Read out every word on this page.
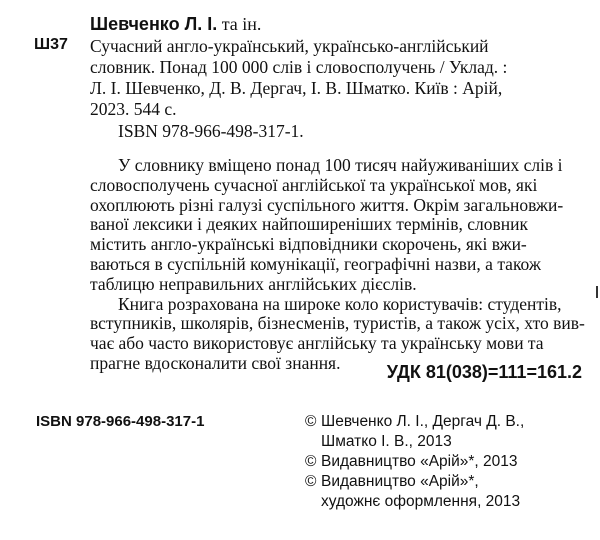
Шевченко Л. І. та ін.
Ш37 Сучасний англо-український, українсько-англійський
словник. Понад 100 000 слів і словосполучень / Уклад. :
Л. І. Шевченко, Д. В. Дергач, І. В. Шматко. Київ : Арій,
2023. 544 с.
ISBN 978-966-498-317-1.
У словнику вміщено понад 100 тисяч найуживаніших слів і
словосполучень сучасної англійської та української мов, які
охоплюють різні галузі суспільного життя. Окрім загальновжи-
ваної лексики і деяких найпоширеніших термінів, словник
містить англо-українські відповідники скорочень, які вжи-
ваються в суспільній комунікації, географічні назви, а також
таблицю неправильних англійських дієслів.
Книга розрахована на широке коло користувачів: студентів,
вступників, школярів, бізнесменів, туристів, а також усіх, хто вив-
чає або часто використовує англійську та українську мови та
прагне вдосконалити свої знання.	УДК 81(038)=111=161.2
ISBN 978-966-498-317-1	© Шевченко Л. І., Дергач Д. В.,
Шматко І. В., 2013
© Видавництво «Арій»*, 2013
© Видавництво «Арій»*,
художнє оформлення, 2013
